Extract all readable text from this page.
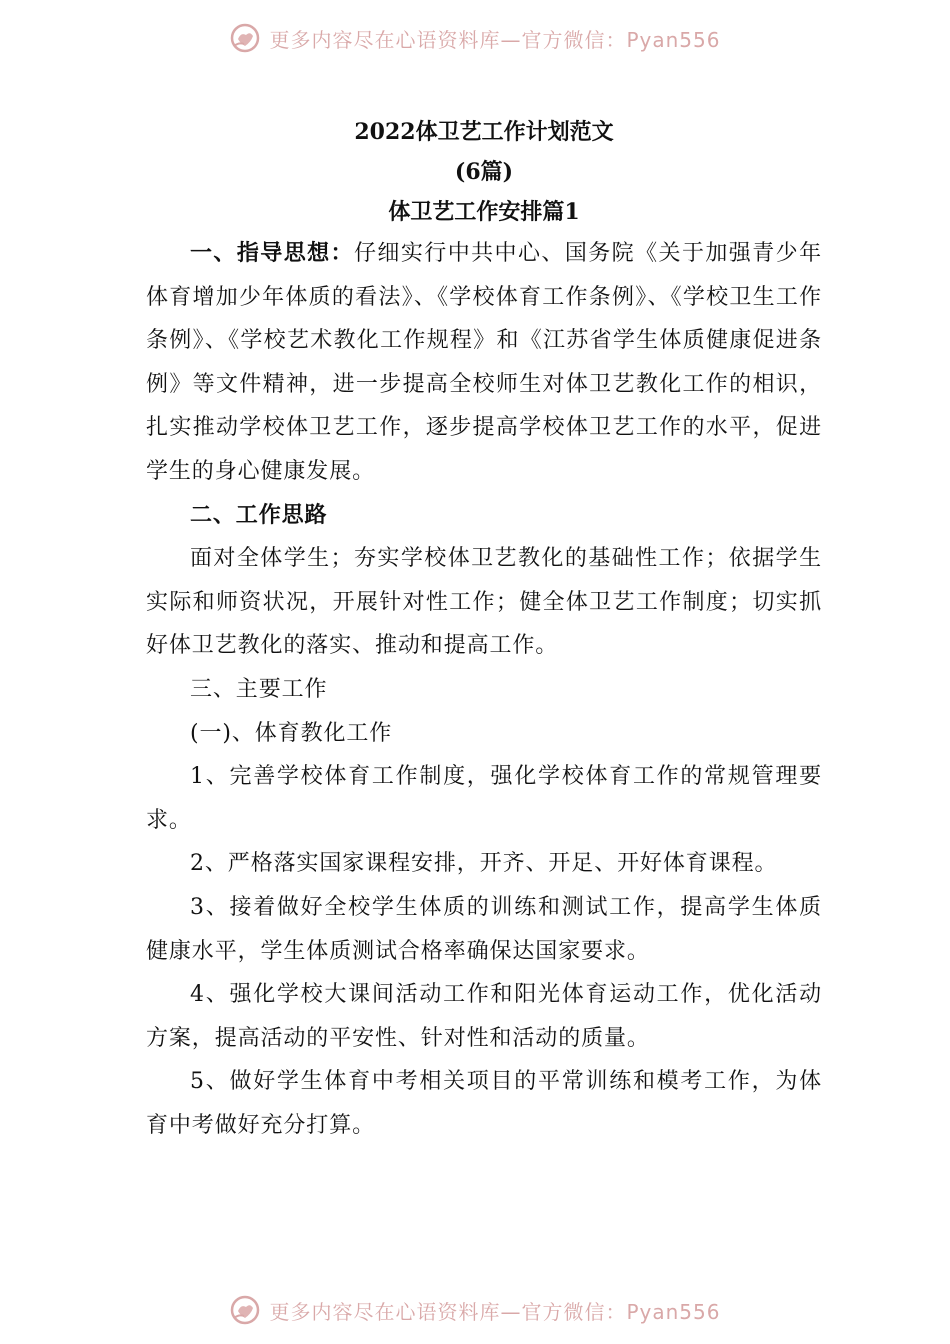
更多内容尽在心语资料库—官方微信：Pyan556

2022体卫艺工作计划范文

(6篇)

体卫艺工作安排篇1

一、指导思想：仔细实行中共中心、国务院《关于加强青少年体育增加少年体质的看法》、《学校体育工作条例》、《学校卫生工作条例》、《学校艺术教化工作规程》和《江苏省学生体质健康促进条例》等文件精神，进一步提高全校师生对体卫艺教化工作的相识，扎实推动学校体卫艺工作，逐步提高学校体卫艺工作的水平，促进学生的身心健康发展。

二、工作思路

面对全体学生；夯实学校体卫艺教化的基础性工作；依据学生实际和师资状况，开展针对性工作；健全体卫艺工作制度；切实抓好体卫艺教化的落实、推动和提高工作。

三、主要工作

(一)、体育教化工作

1、完善学校体育工作制度，强化学校体育工作的常规管理要求。

2、严格落实国家课程安排，开齐、开足、开好体育课程。

3、接着做好全校学生体质的训练和测试工作，提高学生体质健康水平，学生体质测试合格率确保达国家要求。

4、强化学校大课间活动工作和阳光体育运动工作，优化活动方案，提高活动的平安性、针对性和活动的质量。

5、做好学生体育中考相关项目的平常训练和模考工作，为体育中考做好充分打算。

更多内容尽在心语资料库—官方微信：Pyan556
